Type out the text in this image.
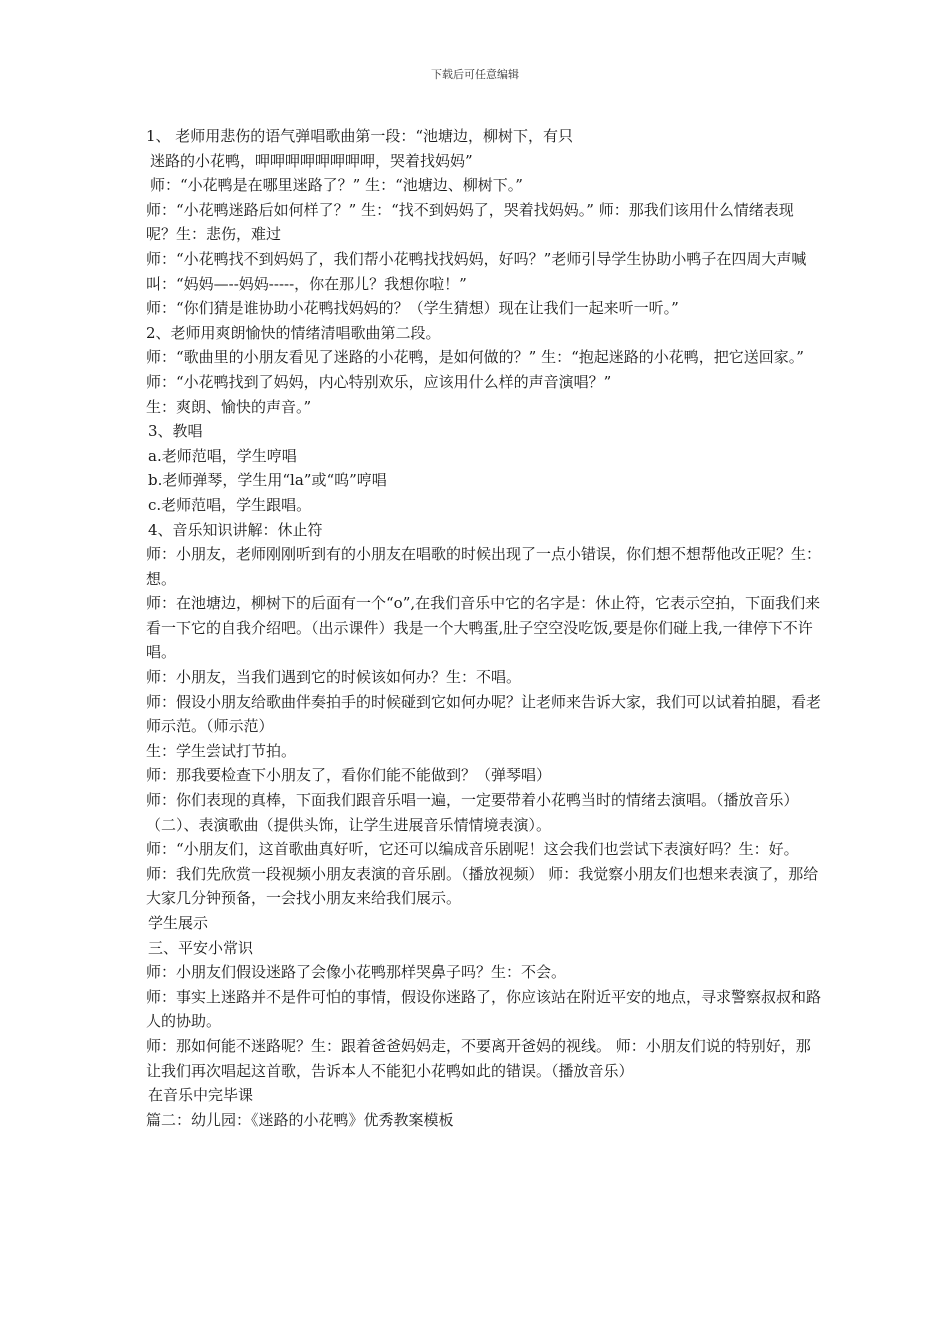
下载后可任意编辑

1、 老师用悲伤的语气弹唱歌曲第一段：“池塘边，柳树下，有只

迷路的小花鸭，呷呷呷呷呷呷呷呷，哭着找妈妈”

师：“小花鸭是在哪里迷路了？” 生：“池塘边、柳树下。”

师：“小花鸭迷路后如何样了？” 生：“找不到妈妈了，哭着找妈妈。” 师：那我们该用什么情绪表现呢？生：悲伤，难过

师：“小花鸭找不到妈妈了，我们帮小花鸭找找妈妈，好吗？”老师引导学生协助小鸭子在四周大声喊叫：“妈妈—--妈妈-----，你在那儿？我想你啦！”

师：“你们猜是谁协助小花鸭找妈妈的？（学生猜想）现在让我们一起来听一听。”

2、老师用爽朗愉快的情绪清唱歌曲第二段。

师：“歌曲里的小朋友看见了迷路的小花鸭，是如何做的？” 生：“抱起迷路的小花鸭，把它送回家。”

师：“小花鸭找到了妈妈，内心特别欢乐，应该用什么样的声音演唱？”

生：爽朗、愉快的声音。”

3、教唱

a.老师范唱，学生哼唱

b.老师弹琴，学生用“la”或“呜”哼唱

c.老师范唱，学生跟唱。

4、音乐知识讲解：休止符

师：小朋友，老师刚刚听到有的小朋友在唱歌的时候出现了一点小错误，你们想不想帮他改正呢？生：想。

师：在池塘边，柳树下的后面有一个“o”,在我们音乐中它的名字是：休止符，它表示空拍，下面我们来看一下它的自我介绍吧。（出示课件）我是一个大鸭蛋,肚子空空没吃饭,要是你们碰上我,一律停下不许唱。

师：小朋友，当我们遇到它的时候该如何办？生：不唱。

师：假设小朋友给歌曲伴奏拍手的时候碰到它如何办呢？让老师来告诉大家，我们可以试着拍腿，看老师示范。（师示范）

生：学生尝试打节拍。

师：那我要检查下小朋友了，看你们能不能做到？（弹琴唱）

师：你们表现的真棒，下面我们跟音乐唱一遍，一定要带着小花鸭当时的情绪去演唱。（播放音乐）

（二）、表演歌曲（提供头饰，让学生进展音乐情情境表演）。

师：“小朋友们，这首歌曲真好听，它还可以编成音乐剧呢！这会我们也尝试下表演好吗？生：好。

师：我们先欣赏一段视频小朋友表演的音乐剧。（播放视频） 师：我觉察小朋友们也想来表演了，那给大家几分钟预备，一会找小朋友来给我们展示。

学生展示

三、平安小常识

师：小朋友们假设迷路了会像小花鸭那样哭鼻子吗？生：不会。

师：事实上迷路并不是件可怕的事情，假设你迷路了，你应该站在附近平安的地点，寻求警察叔叔和路人的协助。

师：那如何能不迷路呢？生：跟着爸爸妈妈走，不要离开爸妈的视线。 师：小朋友们说的特别好，那让我们再次唱起这首歌，告诉本人不能犯小花鸭如此的错误。（播放音乐）

在音乐中完毕课

篇二：幼儿园：《迷路的小花鸭》优秀教案模板
